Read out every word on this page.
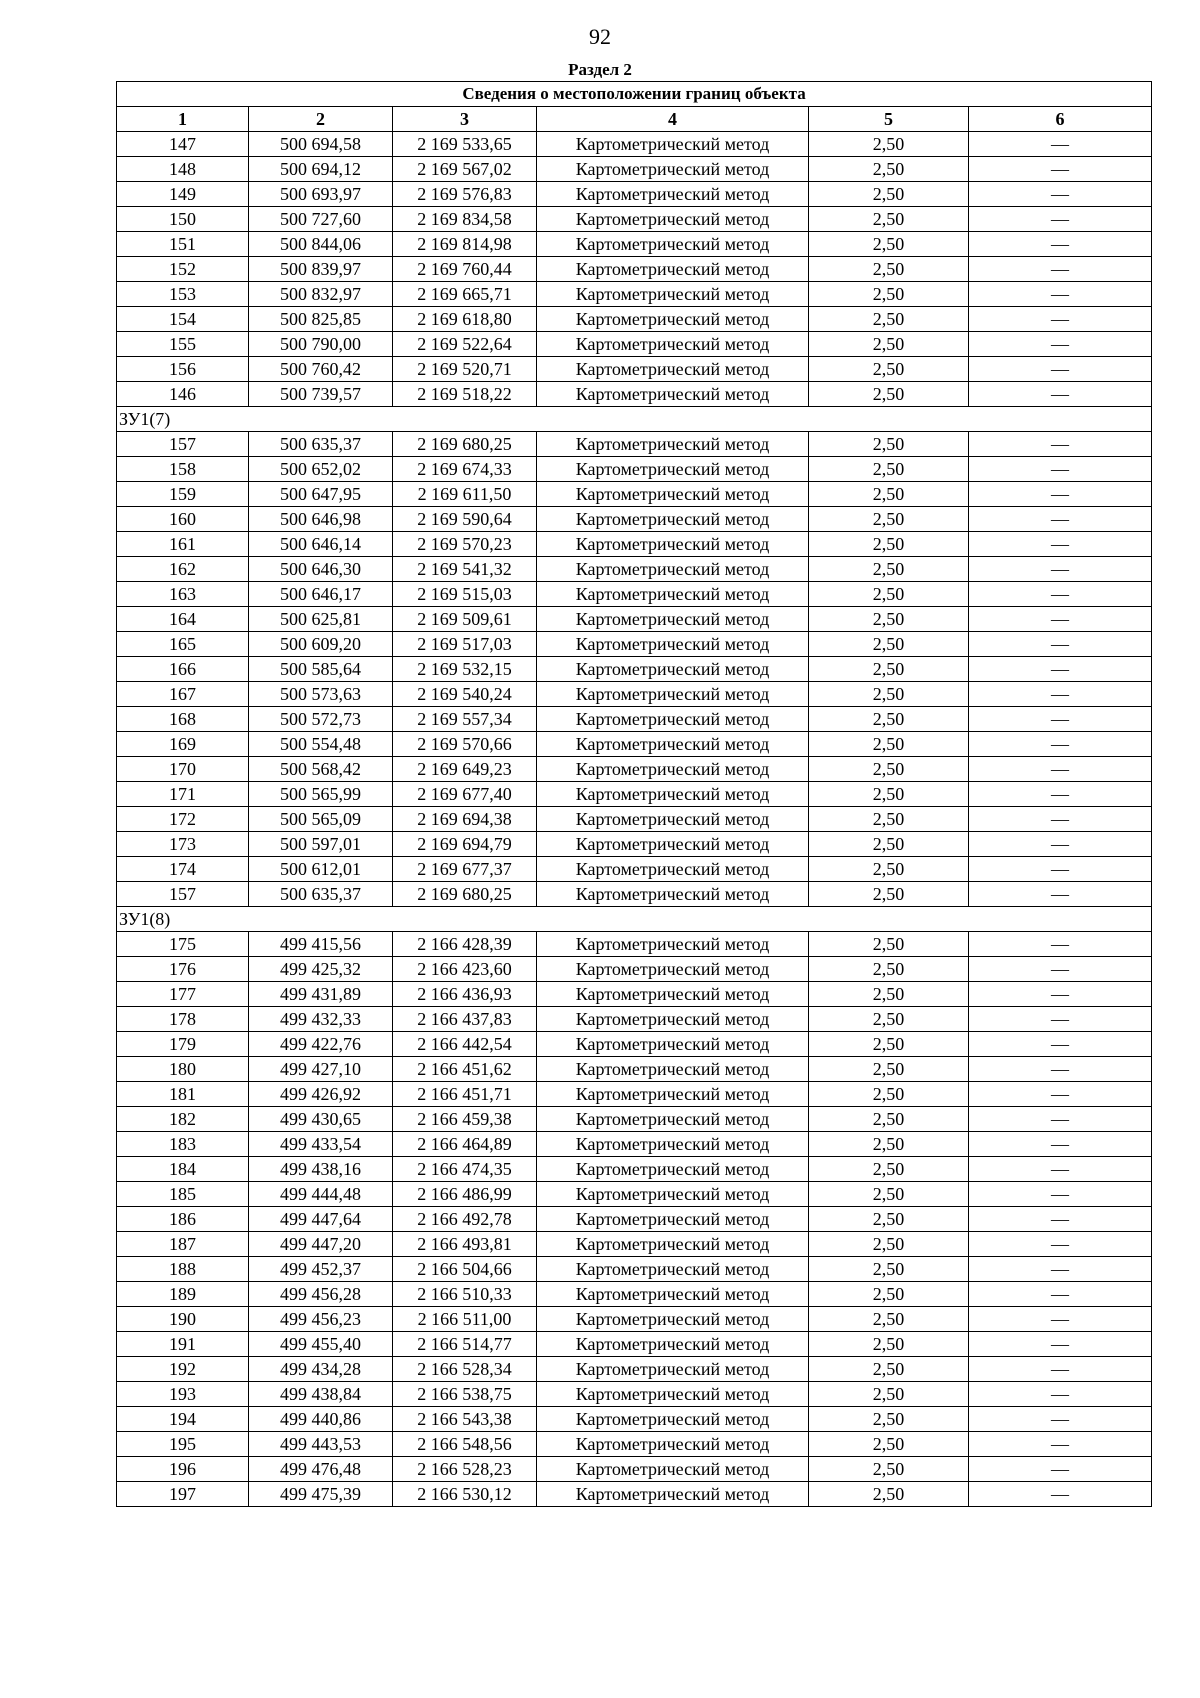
92
Раздел 2
Сведения о местоположении границ объекта					
1	2	3	4	5	6
147	500 694,58	2 169 533,65	Картометрический метод	2,50	—
148	500 694,12	2 169 567,02	Картометрический метод	2,50	—
149	500 693,97	2 169 576,83	Картометрический метод	2,50	—
150	500 727,60	2 169 834,58	Картометрический метод	2,50	—
151	500 844,06	2 169 814,98	Картометрический метод	2,50	—
152	500 839,97	2 169 760,44	Картометрический метод	2,50	—
153	500 832,97	2 169 665,71	Картометрический метод	2,50	—
154	500 825,85	2 169 618,80	Картометрический метод	2,50	—
155	500 790,00	2 169 522,64	Картометрический метод	2,50	—
156	500 760,42	2 169 520,71	Картометрический метод	2,50	—
146	500 739,57	2 169 518,22	Картометрический метод	2,50	—
ЗУ1(7)					
157	500 635,37	2 169 680,25	Картометрический метод	2,50	—
158	500 652,02	2 169 674,33	Картометрический метод	2,50	—
159	500 647,95	2 169 611,50	Картометрический метод	2,50	—
160	500 646,98	2 169 590,64	Картометрический метод	2,50	—
161	500 646,14	2 169 570,23	Картометрический метод	2,50	—
162	500 646,30	2 169 541,32	Картометрический метод	2,50	—
163	500 646,17	2 169 515,03	Картометрический метод	2,50	—
164	500 625,81	2 169 509,61	Картометрический метод	2,50	—
165	500 609,20	2 169 517,03	Картометрический метод	2,50	—
166	500 585,64	2 169 532,15	Картометрический метод	2,50	—
167	500 573,63	2 169 540,24	Картометрический метод	2,50	—
168	500 572,73	2 169 557,34	Картометрический метод	2,50	—
169	500 554,48	2 169 570,66	Картометрический метод	2,50	—
170	500 568,42	2 169 649,23	Картометрический метод	2,50	—
171	500 565,99	2 169 677,40	Картометрический метод	2,50	—
172	500 565,09	2 169 694,38	Картометрический метод	2,50	—
173	500 597,01	2 169 694,79	Картометрический метод	2,50	—
174	500 612,01	2 169 677,37	Картометрический метод	2,50	—
157	500 635,37	2 169 680,25	Картометрический метод	2,50	—
ЗУ1(8)					
175	499 415,56	2 166 428,39	Картометрический метод	2,50	—
176	499 425,32	2 166 423,60	Картометрический метод	2,50	—
177	499 431,89	2 166 436,93	Картометрический метод	2,50	—
178	499 432,33	2 166 437,83	Картометрический метод	2,50	—
179	499 422,76	2 166 442,54	Картометрический метод	2,50	—
180	499 427,10	2 166 451,62	Картометрический метод	2,50	—
181	499 426,92	2 166 451,71	Картометрический метод	2,50	—
182	499 430,65	2 166 459,38	Картометрический метод	2,50	—
183	499 433,54	2 166 464,89	Картометрический метод	2,50	—
184	499 438,16	2 166 474,35	Картометрический метод	2,50	—
185	499 444,48	2 166 486,99	Картометрический метод	2,50	—
186	499 447,64	2 166 492,78	Картометрический метод	2,50	—
187	499 447,20	2 166 493,81	Картометрический метод	2,50	—
188	499 452,37	2 166 504,66	Картометрический метод	2,50	—
189	499 456,28	2 166 510,33	Картометрический метод	2,50	—
190	499 456,23	2 166 511,00	Картометрический метод	2,50	—
191	499 455,40	2 166 514,77	Картометрический метод	2,50	—
192	499 434,28	2 166 528,34	Картометрический метод	2,50	—
193	499 438,84	2 166 538,75	Картометрический метод	2,50	—
194	499 440,86	2 166 543,38	Картометрический метод	2,50	—
195	499 443,53	2 166 548,56	Картометрический метод	2,50	—
196	499 476,48	2 166 528,23	Картометрический метод	2,50	—
197	499 475,39	2 166 530,12	Картометрический метод	2,50	—
